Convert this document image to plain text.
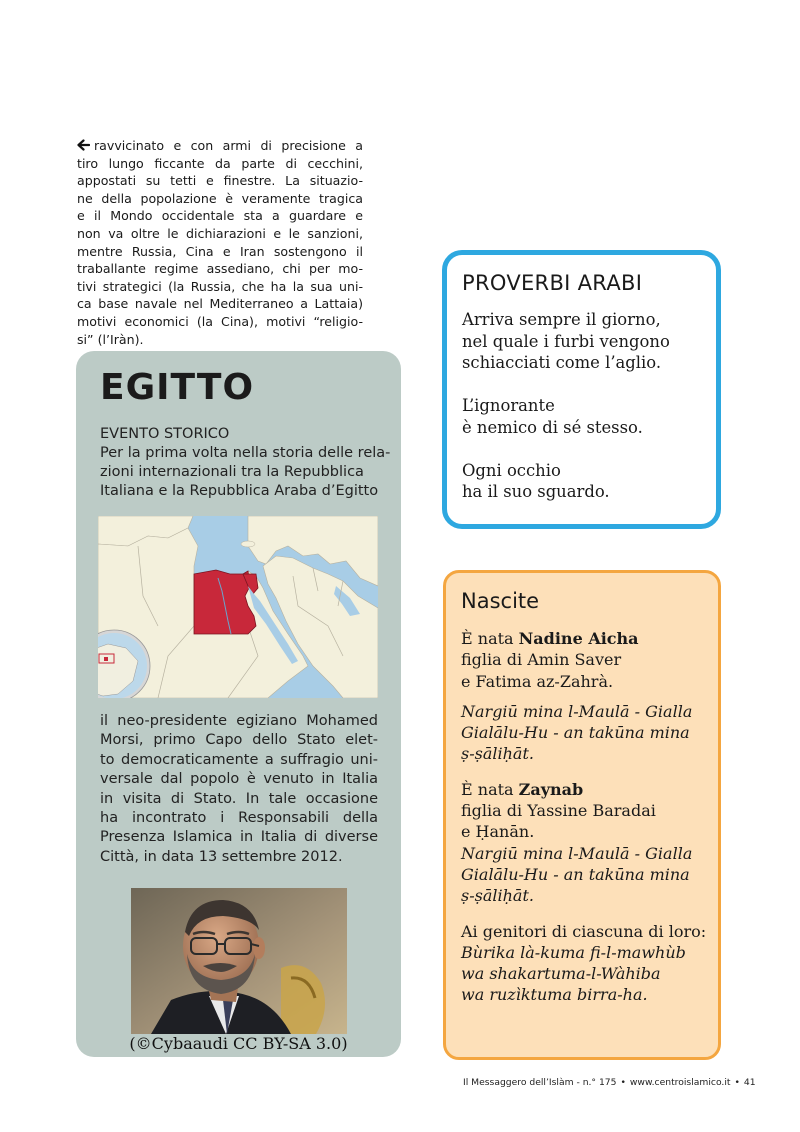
ravvicinato e con armi di precisione a
tiro lungo ficcante da parte di cecchini,
appostati su tetti e finestre. La situazio-
ne della popolazione è veramente tragica
e il Mondo occidentale sta a guardare e
non va oltre le dichiarazioni e le sanzioni,
mentre Russia, Cina e Iran sostengono il
traballante regime assediano, chi per mo-
tivi strategici (la Russia, che ha la sua uni-
ca base navale nel Mediterraneo a Lattaia)
motivi economici (la Cina), motivi “religio-
si” (l’Iràn).
EGITTO
EVENTO STORICO
Per la prima volta nella storia delle rela-
zioni internazionali tra la Repubblica
Italiana e la Repubblica Araba d’Egitto
il neo-presidente egiziano Mohamed
Morsi, primo Capo dello Stato elet-
to democraticamente a suffragio uni-
versale dal popolo è venuto in Italia
in visita di Stato. In tale occasione
ha incontrato i Responsabili della
Presenza Islamica in Italia di diverse
Città, in data 13 settembre 2012.
(©Cybaaudi CC BY-SA 3.0)
PROVERBI ARABI
Arriva sempre il giorno,
nel quale i furbi vengono
schiacciati come l’aglio.
L’ignorante
è nemico di sé stesso.
Ogni occhio
ha il suo sguardo.
Nascite
È nata Nadine Aicha
figlia di Amin Saver
e Fatima az-Zahrà.
Nargiū mina l-Maulā - Gialla
Gialālu-Hu - an takūna mina
ṣ-ṣāliḥāt.
È nata Zaynab
figlia di Yassine Baradai
e Ḥanān.
Nargiū mina l-Maulā - Gialla
Gialālu-Hu - an takūna mina
ṣ-ṣāliḥāt.
Ai genitori di ciascuna di loro:
Bùrika là-kuma fi-l-mawhùb
wa shakartuma-l-Wàhiba
wa ruzìktuma birra-ha.
Il Messaggero dell’Islàm - n.° 175 • www.centroislamico.it • 41
